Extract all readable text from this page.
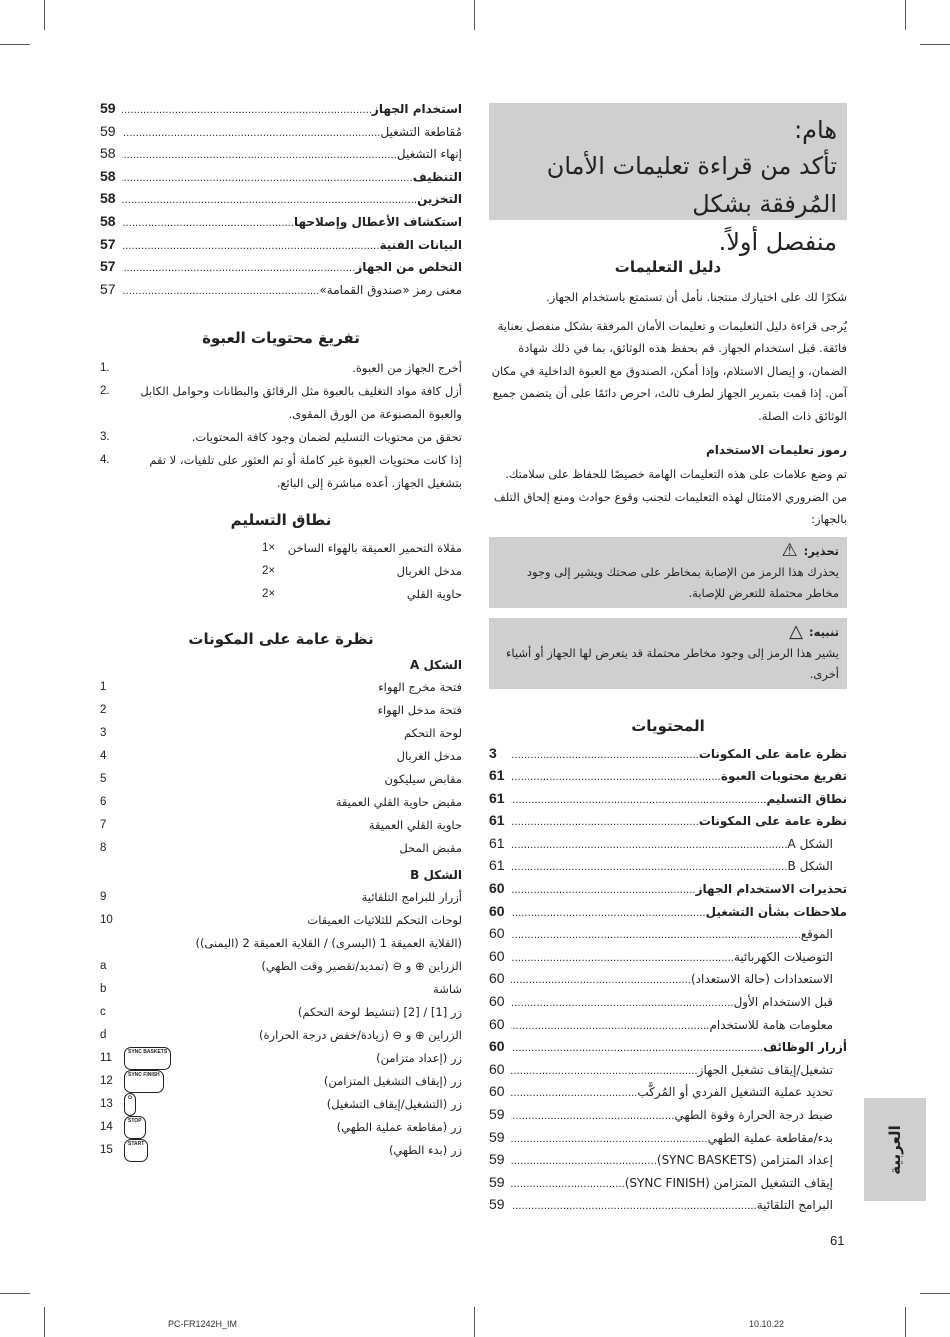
هام:
تأكد من قراءة تعليمات الأمان المُرفقة بشكل
منفصل أولاً.
دليل التعليمات

شكرًا لك على اختيارك منتجنا. نأمل أن تستمتع باستخدام الجهاز.

يُرجى قراءة دليل التعليمات و تعليمات الأمان المرفقة بشكل منفصل بعناية فائقة. قبل استخدام الجهاز. قم بحفظ هذه الوثائق، بما في ذلك شهادة الضمان، و إيصال الاستلام، وإذا أمكن، الصندوق مع العبوة الداخلية في مكان آمن. إذا قمت بتمرير الجهاز لطرف ثالث، احرص دائمًا على أن يتضمن جميع الوثائق ذات الصلة.

رموز تعليمات الاستخدام

تم وضع علامات على هذه التعليمات الهامة خصيصًا للحفاظ على سلامتك. من الضروري الامتثال لهذه التعليمات لتجنب وقوع حوادث ومنع إلحاق التلف بالجهاز:

تحذير:
⚠
يحذرك هذا الرمز من الإصابة بمخاطر على صحتك ويشير إلى وجود مخاطر محتملة للتعرض للإصابة.
تنبيه:
△
يشير هذا الرمز إلى وجود مخاطر محتملة قد يتعرض لها الجهاز أو أشياء أخرى.
المحتويات
نظرة عامة على المكونات
.....
3
تفريغ محتويات العبوة
.....
61
نطاق التسليم
.....
61
نظرة عامة على المكونات
.....
61
الشكل A
.....
61
الشكل B
.....
61
تحذيرات الاستخدام الجهاز
.....
60
ملاحظات بشأن التشغيل
.....
60
الموقع
.....
60
التوصيلات الكهربائية
.....
60
الاستعدادات (حالة الاستعداد)
.....
60
قبل الاستخدام الأول
.....
60
معلومات هامة للاستخدام
.....
60
أزرار الوظائف
.....
60
تشغيل/إيقاف تشغيل الجهاز
.....
60
تحديد عملية التشغيل الفردي أو المُركَّب
.....
60
ضبط درجة الحرارة وقوة الطهي
.....
59
بدء/مقاطعة عملية الطهي
.....
59
إعداد المتزامن (SYNC BASKETS)
.....
59
إيقاف التشغيل المتزامن (SYNC FINISH)
.....
59
البرامج التلقائية
.....
59
استخدام الجهاز
.....
59
مُقاطعة التشغيل
.....
59
إنهاء التشغيل
.....
58
التنظيف
.....
58
التخزين
.....
58
استكشاف الأعطال وإصلاحها
.....
58
البيانات الفنية
.....
57
التخلص من الجهاز
.....
57
معنى رمز «صندوق القمامة»
.....
57
تفريغ محتويات العبوة
أخرج الجهاز من العبوة.
1.
أزل كافة مواد التغليف بالعبوة مثل الرقائق والبطانات وحوامل الكابل والعبوة المصنوعة من الورق المقوى.
2.
تحقق من محتويات التسليم لضمان وجود كافة المحتويات.
3.
إذا كانت محتويات العبوة غير كاملة أو تم العثور على تلفيات، لا تقم بتشغيل الجهاز. أعده مباشرة إلى البائع.
4.
نطاق التسليم
مقلاة التحمير العميقة بالهواء الساخن
1×
مدخل الغربال
2×
حاوية القلي
2×
نظرة عامة على المكونات
الشكل A
فتحة مخرج الهواء
1
فتحة مدخل الهواء
2
لوحة التحكم
3
مدخل الغربال
4
مقابض سيليكون
5
مقبض حاوية القلي العميقة
6
حاوية القلي العميقة
7
مقبض المحل
8
الشكل B
أزرار للبرامج التلقائية
9
لوحات التحكم للثلاثيات العميقات
10
(القلاية العميقة 1 (اليسرى) / القلاية العميقة 2 (اليمنى))
الزراين ⊕ و ⊖ (تمديد/تقصير وقت الطهي)
a
شاشة
b
زر [1] / [2] (تنشيط لوحة التحكم)
c
الزراين ⊕ و ⊖ (زيادة/خفض درجة الحرارة)
d
زر (إعداد متزامن)
SYNC BASKETS
11
زر (إيقاف التشغيل المتزامن)
SYNC FINISH
12
زر (التشغيل/إيقاف التشغيل)
⏻
13
زر (مقاطعة عملية الطهي)
STOP
14
زر (بدء الطهي)
START
15	العربية
61
PC-FR1242H_IM	10.10.22
